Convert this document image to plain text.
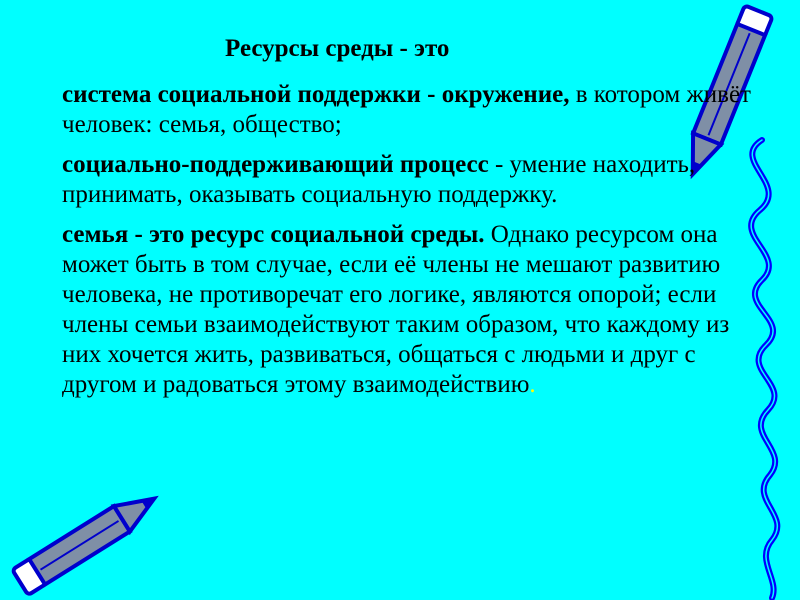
Ресурсы среды - это

система социальной поддержки - окружение, в котором живёт человек: семья, общество;

социально-поддерживающий процесс - умение находить, принимать, оказывать социальную поддержку.

семья - это ресурс социальной среды. Однако ресурсом она может быть в том случае, если её члены не мешают развитию человека, не противоречат его логике, являются опорой; если члены семьи взаимодействуют таким образом, что каждому из них хочется жить, развиваться, общаться с людьми и друг с другом и радоваться этому взаимодействию.
